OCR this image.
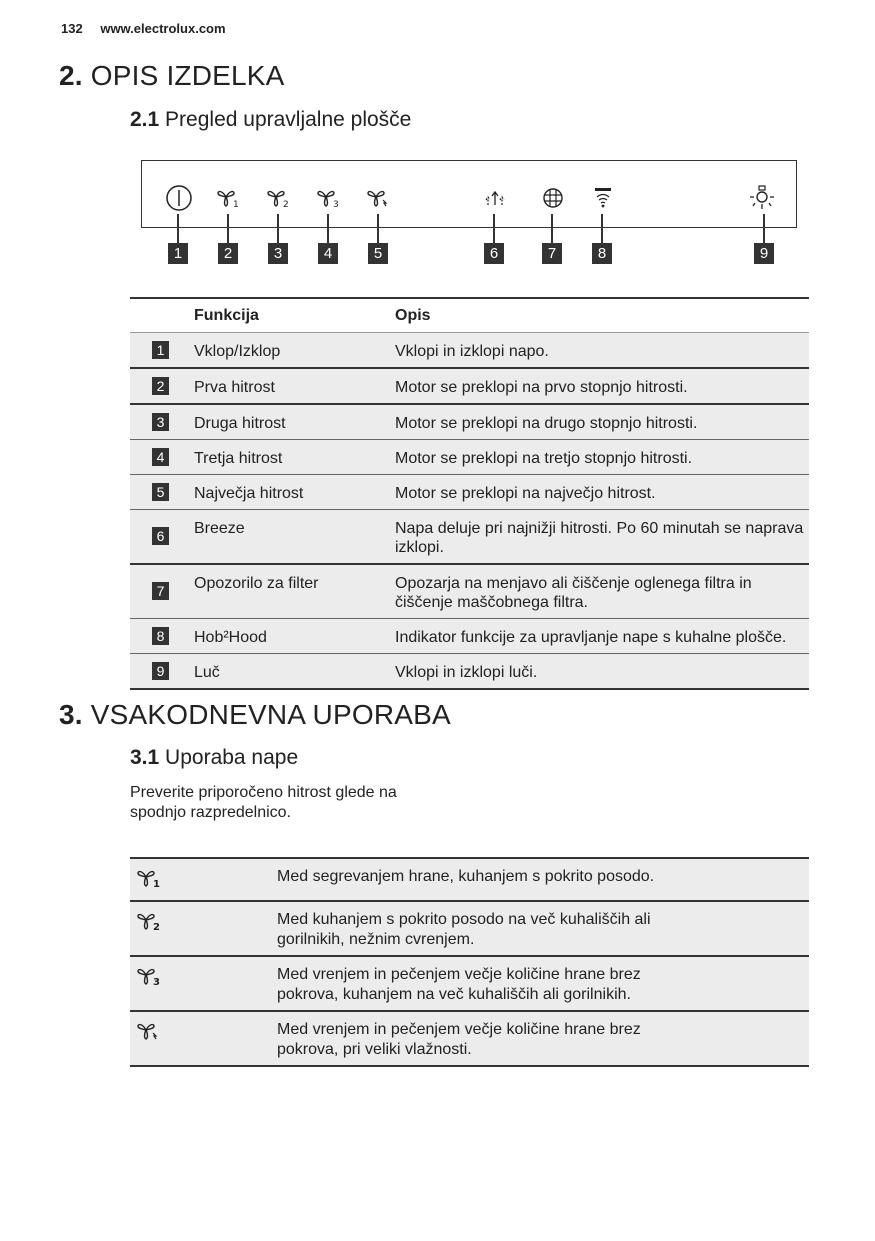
132 www.electrolux.com
2. OPIS IZDELKA
2.1 Pregled upravljalne plošče
1	2	3
1	2	3	4	5	6	7	8	9
	Funkcija	Opis
1	Vklop/Izklop	Vklopi in izklopi napo.
2	Prva hitrost	Motor se preklopi na prvo stopnjo hitrosti.
3	Druga hitrost	Motor se preklopi na drugo stopnjo hitrosti.
4	Tretja hitrost	Motor se preklopi na tretjo stopnjo hitrosti.
5	Največja hitrost	Motor se preklopi na največjo hitrost.
6	Breeze	Napa deluje pri najnižji hitrosti. Po 60 minutah se naprava izklopi.
7	Opozorilo za filter	Opozarja na menjavo ali čiščenje oglenega filtra in čiščenje maščobnega filtra.
8	Hob²Hood	Indikator funkcije za upravljanje nape s kuhalne plošče.
9	Luč	Vklopi in izklopi luči.
3. VSAKODNEVNA UPORABA
3.1 Uporaba nape
Preverite priporočeno hitrost glede na spodnjo razpredelnico.
1	Med segrevanjem hrane, kuhanjem s pokrito posodo.

2	Med kuhanjem s pokrito posodo na več kuhališčih ali gorilnikih, nežnim cvrenjem.

3	Med vrenjem in pečenjem večje količine hrane brez pokrova, kuhanjem na več kuhališčih ali gorilnikih.
	Med vrenjem in pečenjem večje količine hrane brez pokrova, pri veliki vlažnosti.
